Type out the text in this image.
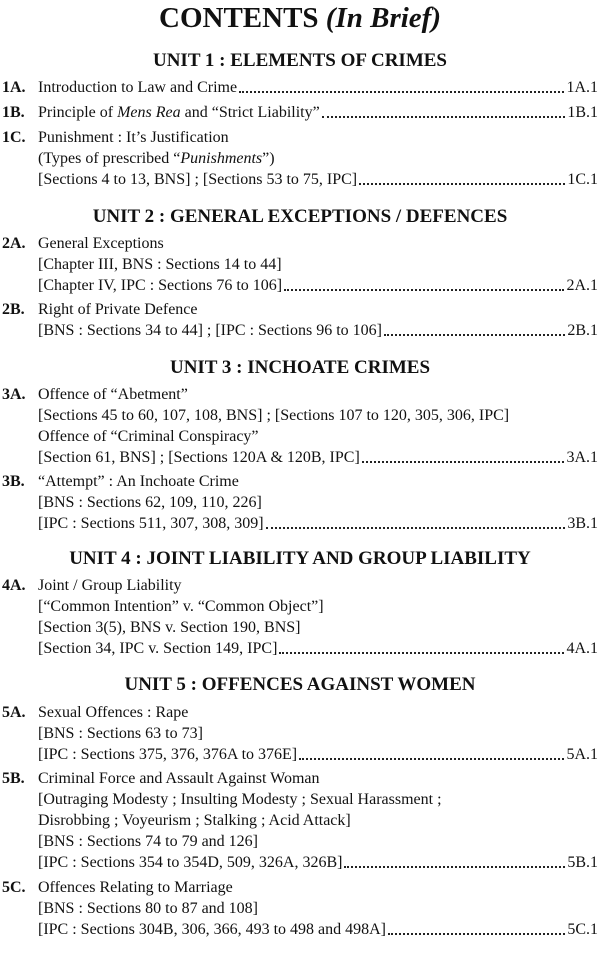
CONTENTS (In Brief)
UNIT 1 : ELEMENTS OF CRIMES
1A. Introduction to Law and Crime	1A.1
1B. Principle of Mens Rea and “Strict Liability”	1B.1
1C. Punishment : It’s Justification
(Types of prescribed “Punishments”)
[Sections 4 to 13, BNS] ; [Sections 53 to 75, IPC]	1C.1
UNIT 2 : GENERAL EXCEPTIONS / DEFENCES
2A. General Exceptions
[Chapter III, BNS : Sections 14 to 44]
[Chapter IV, IPC : Sections 76 to 106]	2A.1
2B. Right of Private Defence
[BNS : Sections 34 to 44] ; [IPC : Sections 96 to 106]	2B.1
UNIT 3 : INCHOATE CRIMES
3A. Offence of “Abetment”
[Sections 45 to 60, 107, 108, BNS] ; [Sections 107 to 120, 305, 306, IPC]
Offence of “Criminal Conspiracy”
[Section 61, BNS] ; [Sections 120A & 120B, IPC]	3A.1
3B. “Attempt” : An Inchoate Crime
[BNS : Sections 62, 109, 110, 226]
[IPC : Sections 511, 307, 308, 309]	3B.1
UNIT 4 : JOINT LIABILITY AND GROUP LIABILITY
4A. Joint / Group Liability
[“Common Intention” v. “Common Object”]
[Section 3(5), BNS v. Section 190, BNS]
[Section 34, IPC v. Section 149, IPC]	4A.1
UNIT 5 : OFFENCES AGAINST WOMEN
5A. Sexual Offences : Rape
[BNS : Sections 63 to 73]
[IPC : Sections 375, 376, 376A to 376E]	5A.1
5B. Criminal Force and Assault Against Woman
[Outraging Modesty ; Insulting Modesty ; Sexual Harassment ;
Disrobbing ; Voyeurism ; Stalking ; Acid Attack]
[BNS : Sections 74 to 79 and 126]
[IPC : Sections 354 to 354D, 509, 326A, 326B]	5B.1
5C. Offences Relating to Marriage
[BNS : Sections 80 to 87 and 108]
[IPC : Sections 304B, 306, 366, 493 to 498 and 498A]	5C.1
